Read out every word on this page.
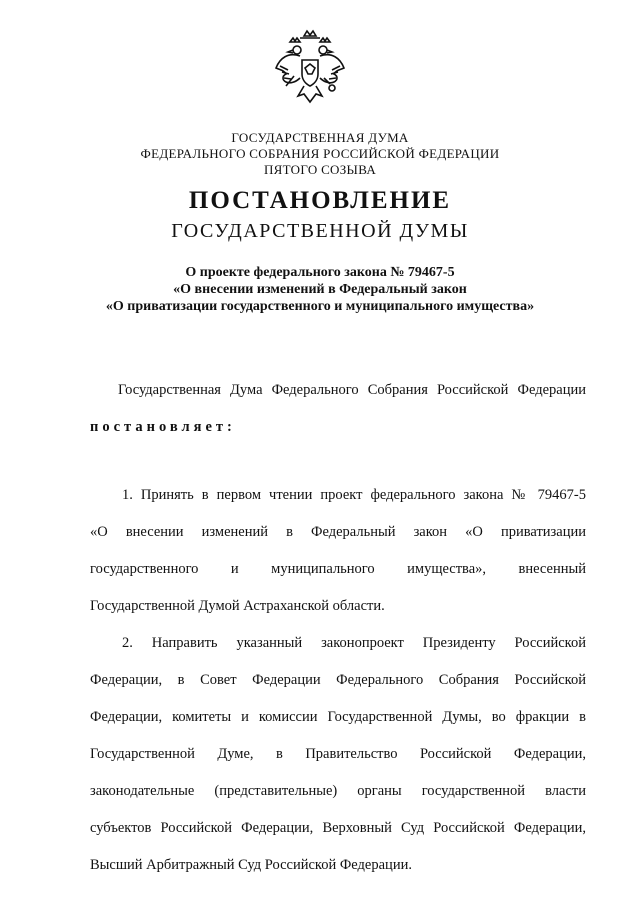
ГОСУДАРСТВЕННАЯ ДУМА
ФЕДЕРАЛЬНОГО СОБРАНИЯ РОССИЙСКОЙ ФЕДЕРАЦИИ
ПЯТОГО СОЗЫВА
ПОСТАНОВЛЕНИЕ
ГОСУДАРСТВЕННОЙ ДУМЫ
О проекте федерального закона № 79467-5
«О внесении изменений в Федеральный закон
«О приватизации государственного и муниципального имущества»
Государственная Дума Федерального Собрания Российской Федерации
постановляет:
1. Принять в первом чтении проект федерального закона № 79467-5
«О внесении изменений в Федеральный закон «О приватизации
государственного и муниципального имущества», внесенный
Государственной Думой Астраханской области.
2. Направить указанный законопроект Президенту Российской
Федерации, в Совет Федерации Федерального Собрания Российской
Федерации, комитеты и комиссии Государственной Думы, во фракции в
Государственной Думе, в Правительство Российской Федерации,
законодательные (представительные) органы государственной власти
субъектов Российской Федерации, Верховный Суд Российской Федерации,
Высший Арбитражный Суд Российской Федерации.
